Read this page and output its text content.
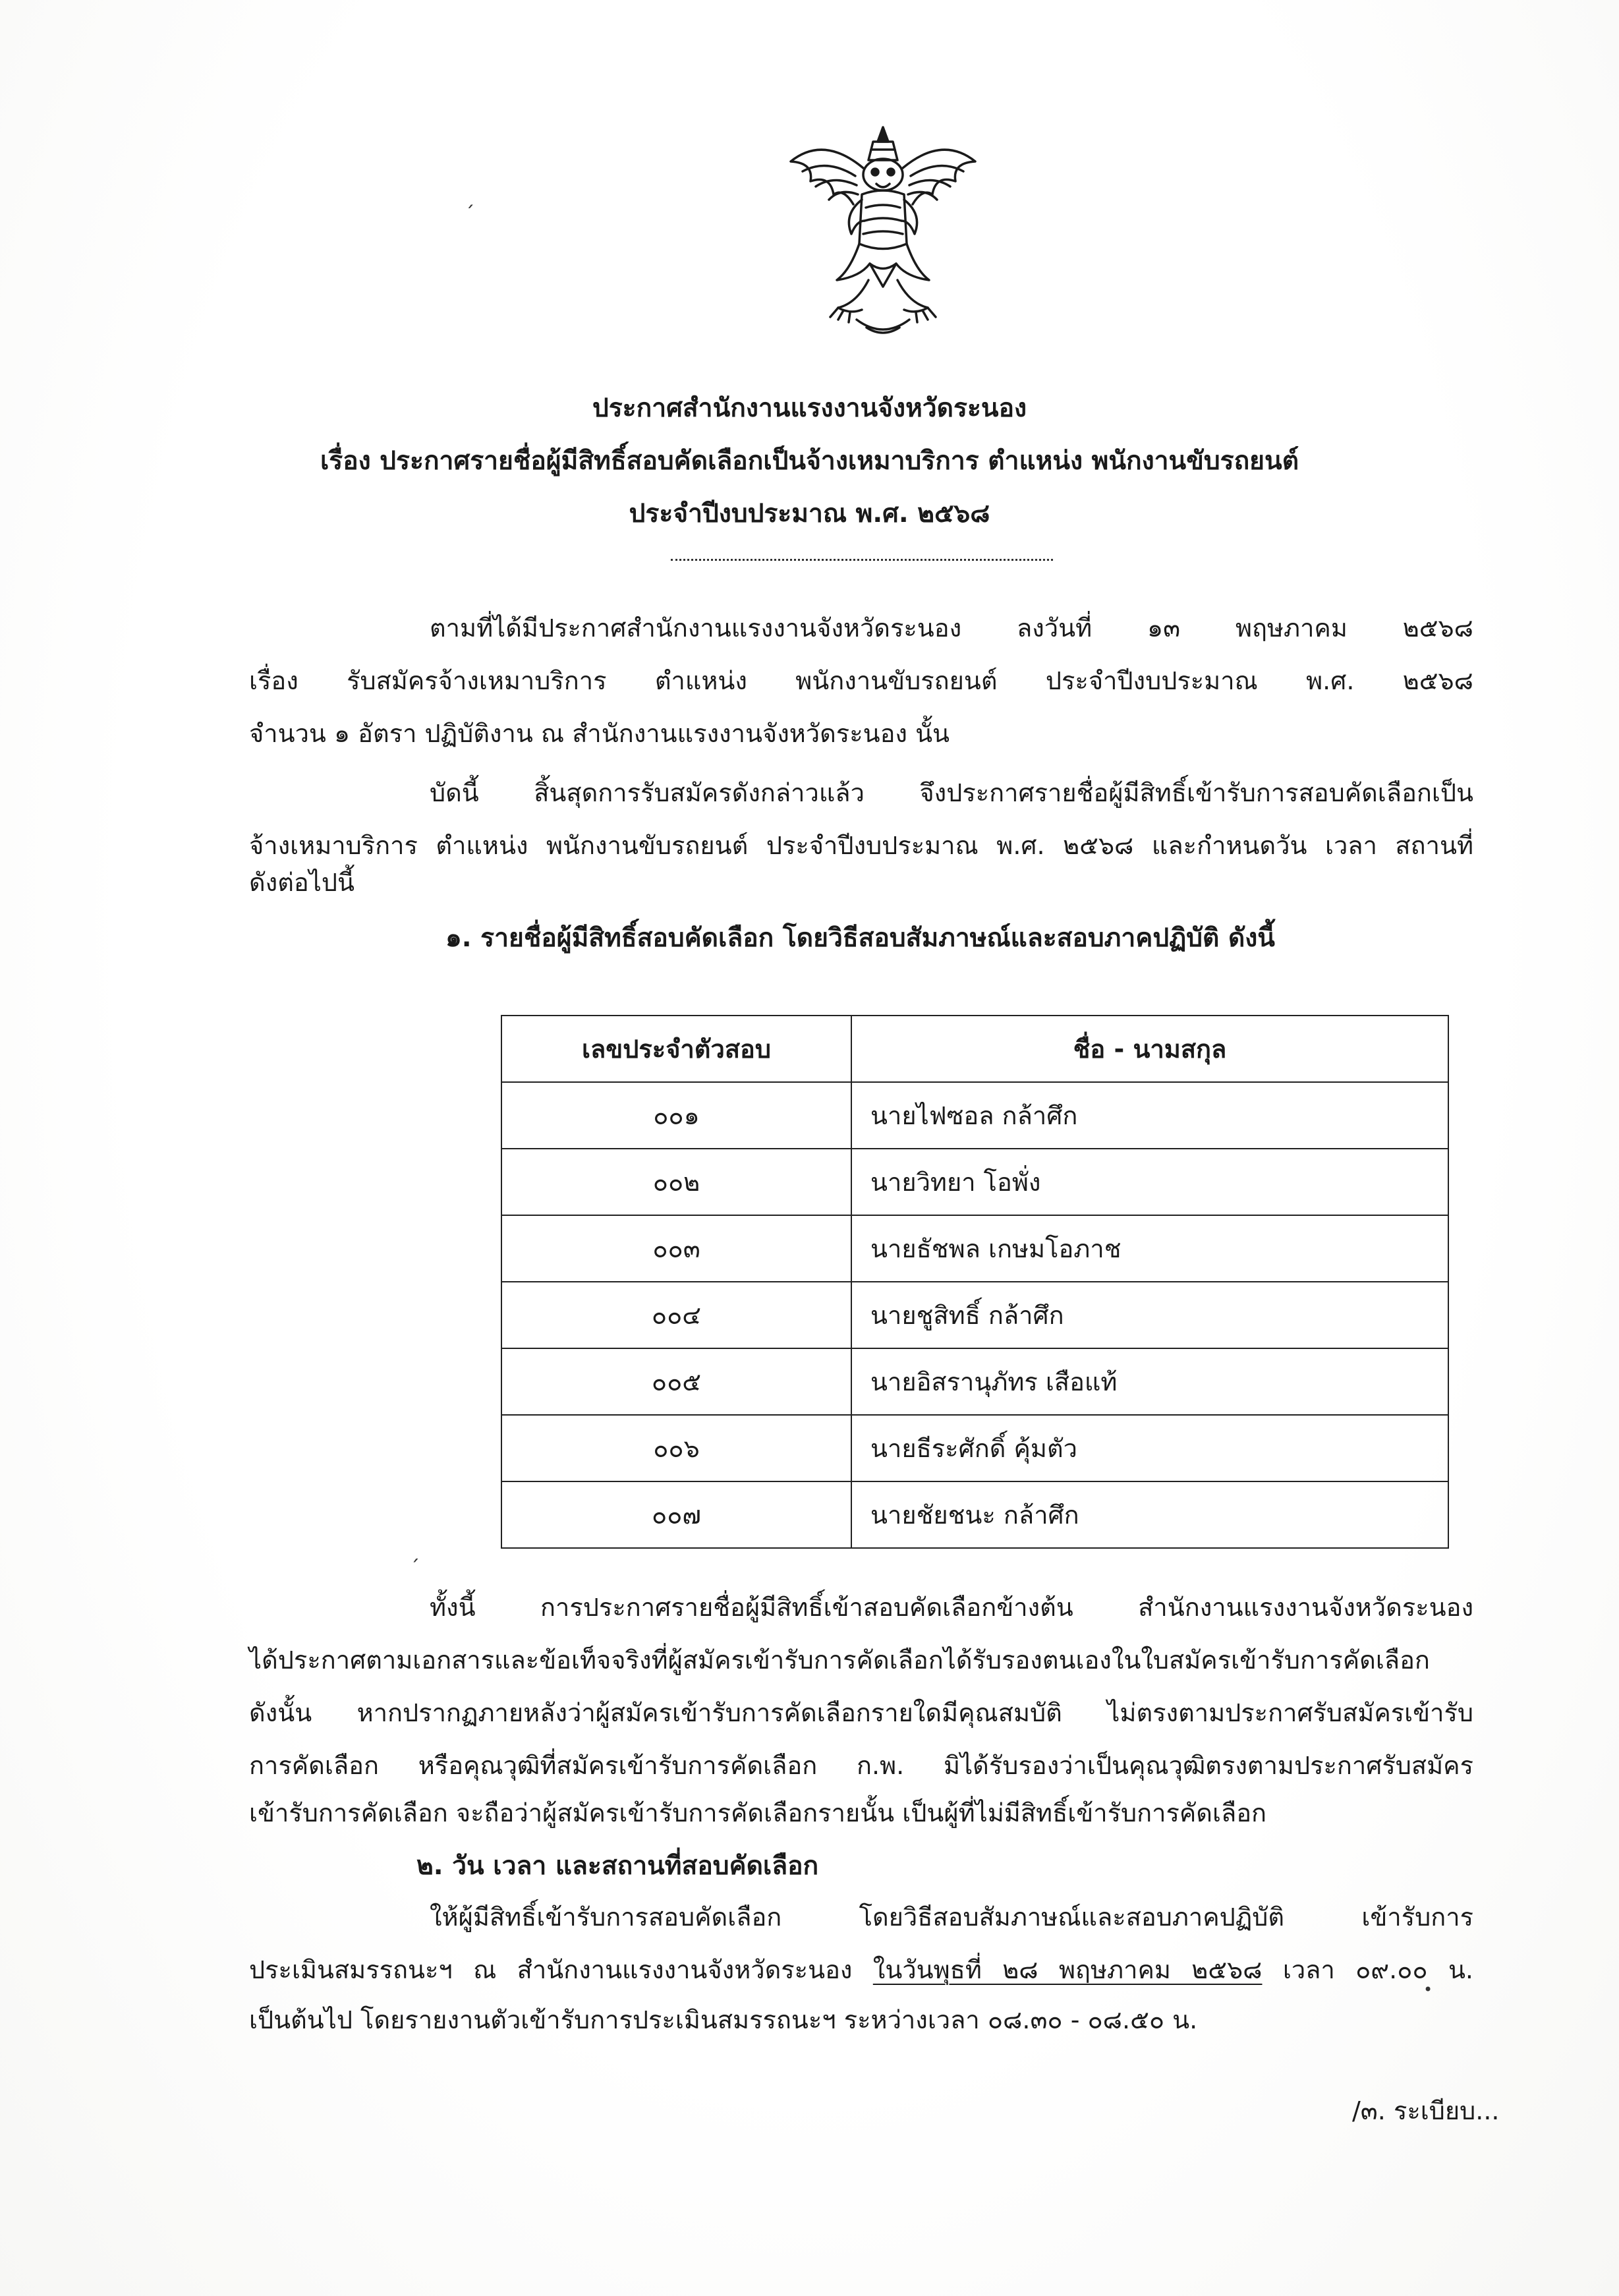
׳
ประกาศสำนักงานแรงงานจังหวัดระนอง
เรื่อง ประกาศรายชื่อผู้มีสิทธิ์สอบคัดเลือกเป็นจ้างเหมาบริการ ตำแหน่ง พนักงานขับรถยนต์
ประจำปีงบประมาณ พ.ศ. ๒๕๖๘
ตามที่ได้มีประกาศสำนักงานแรงงานจังหวัดระนอง ลงวันที่ ๑๓ พฤษภาคม ๒๕๖๘
เรื่อง รับสมัครจ้างเหมาบริการ ตำแหน่ง พนักงานขับรถยนต์ ประจำปีงบประมาณ พ.ศ. ๒๕๖๘
จำนวน ๑ อัตรา ปฏิบัติงาน ณ สำนักงานแรงงานจังหวัดระนอง นั้น
บัดนี้ สิ้นสุดการรับสมัครดังกล่าวแล้ว จึงประกาศรายชื่อผู้มีสิทธิ์เข้ารับการสอบคัดเลือกเป็น
จ้างเหมาบริการ ตำแหน่ง พนักงานขับรถยนต์ ประจำปีงบประมาณ พ.ศ. ๒๕๖๘ และกำหนดวัน เวลา สถานที่
ดังต่อไปนี้
๑. รายชื่อผู้มีสิทธิ์สอบคัดเลือก โดยวิธีสอบสัมภาษณ์และสอบภาคปฏิบัติ ดังนี้
เลขประจำตัวสอบ	ชื่อ - นามสกุล
๐๐๑	นายไฟซอล กล้าศึก
๐๐๒	นายวิทยา โอพั่ง
๐๐๓	นายธัชพล เกษมโอภาช
๐๐๔	นายชูสิทธิ์ กล้าศึก
๐๐๕	นายอิสรานุภัทร เสือแท้
๐๐๖	นายธีระศักดิ์ คุ้มตัว
๐๐๗	นายชัยชนะ กล้าศึก
´
ทั้งนี้ การประกาศรายชื่อผู้มีสิทธิ์เข้าสอบคัดเลือกข้างต้น สำนักงานแรงงานจังหวัดระนอง
ได้ประกาศตามเอกสารและข้อเท็จจริงที่ผู้สมัครเข้ารับการคัดเลือกได้รับรองตนเองในใบสมัครเข้ารับการคัดเลือก
ดังนั้น หากปรากฏภายหลังว่าผู้สมัครเข้ารับการคัดเลือกรายใดมีคุณสมบัติ ไม่ตรงตามประกาศรับสมัครเข้ารับ
การคัดเลือก หรือคุณวุฒิที่สมัครเข้ารับการคัดเลือก ก.พ. มิได้รับรองว่าเป็นคุณวุฒิตรงตามประกาศรับสมัคร
เข้ารับการคัดเลือก จะถือว่าผู้สมัครเข้ารับการคัดเลือกรายนั้น เป็นผู้ที่ไม่มีสิทธิ์เข้ารับการคัดเลือก
๒. วัน เวลา และสถานที่สอบคัดเลือก
ให้ผู้มีสิทธิ์เข้ารับการสอบคัดเลือก โดยวิธีสอบสัมภาษณ์และสอบภาคปฏิบัติ เข้ารับการ
ประเมินสมรรถนะฯ ณ สำนักงานแรงงานจังหวัดระนอง ในวันพุธที่ ๒๘ พฤษภาคม ๒๕๖๘ เวลา ๐๙.๐๐ น.
•
เป็นต้นไป โดยรายงานตัวเข้ารับการประเมินสมรรถนะฯ ระหว่างเวลา ๐๘.๓๐ - ๐๘.๕๐ น.
/๓. ระเบียบ...
